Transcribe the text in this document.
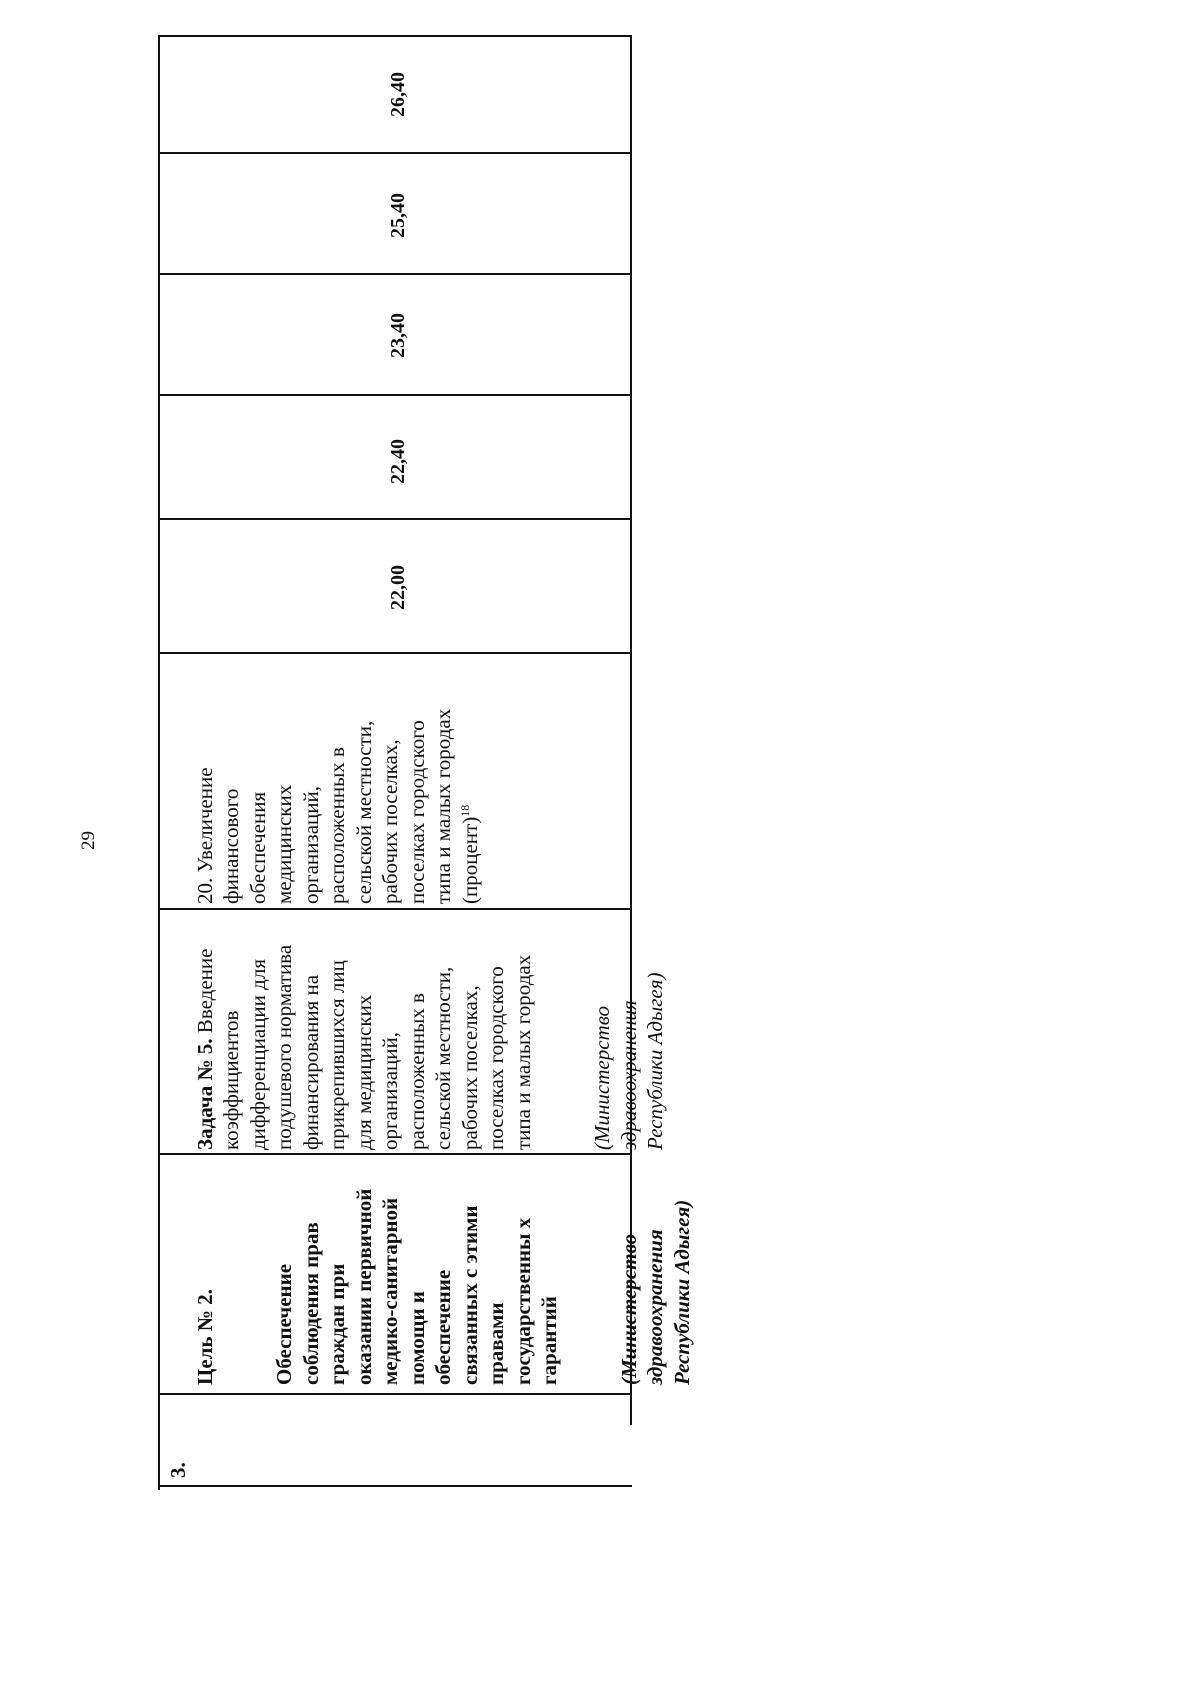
29
3.

Цель № 2.	Обеспечение
соблюдения прав
граждан при
оказании первичной
медико-санитарной
помощи и
обеспечение
связанных с этими
правами
государственны х
гарантий	(Министерство
здравоохранения
Республики Адыгея)

Задача № 5. Введение
коэффициентов
дифференциации для
подушевого норматива
финансирования на
прикрепившихся лиц
для медицинских
организаций,
расположенных в
сельской местности,
рабочих поселках,
поселках городского
типа и малых городах

(Министерство
здравоохранения
Республики Адыгея)

20. Увеличение
финансового
обеспечения
медицинских
организаций,
расположенных в
сельской местности,
рабочих поселках,
поселках городского
типа и малых городах
(процент)$^{18}$

22,00
22,40
23,40
25,40
26,40
